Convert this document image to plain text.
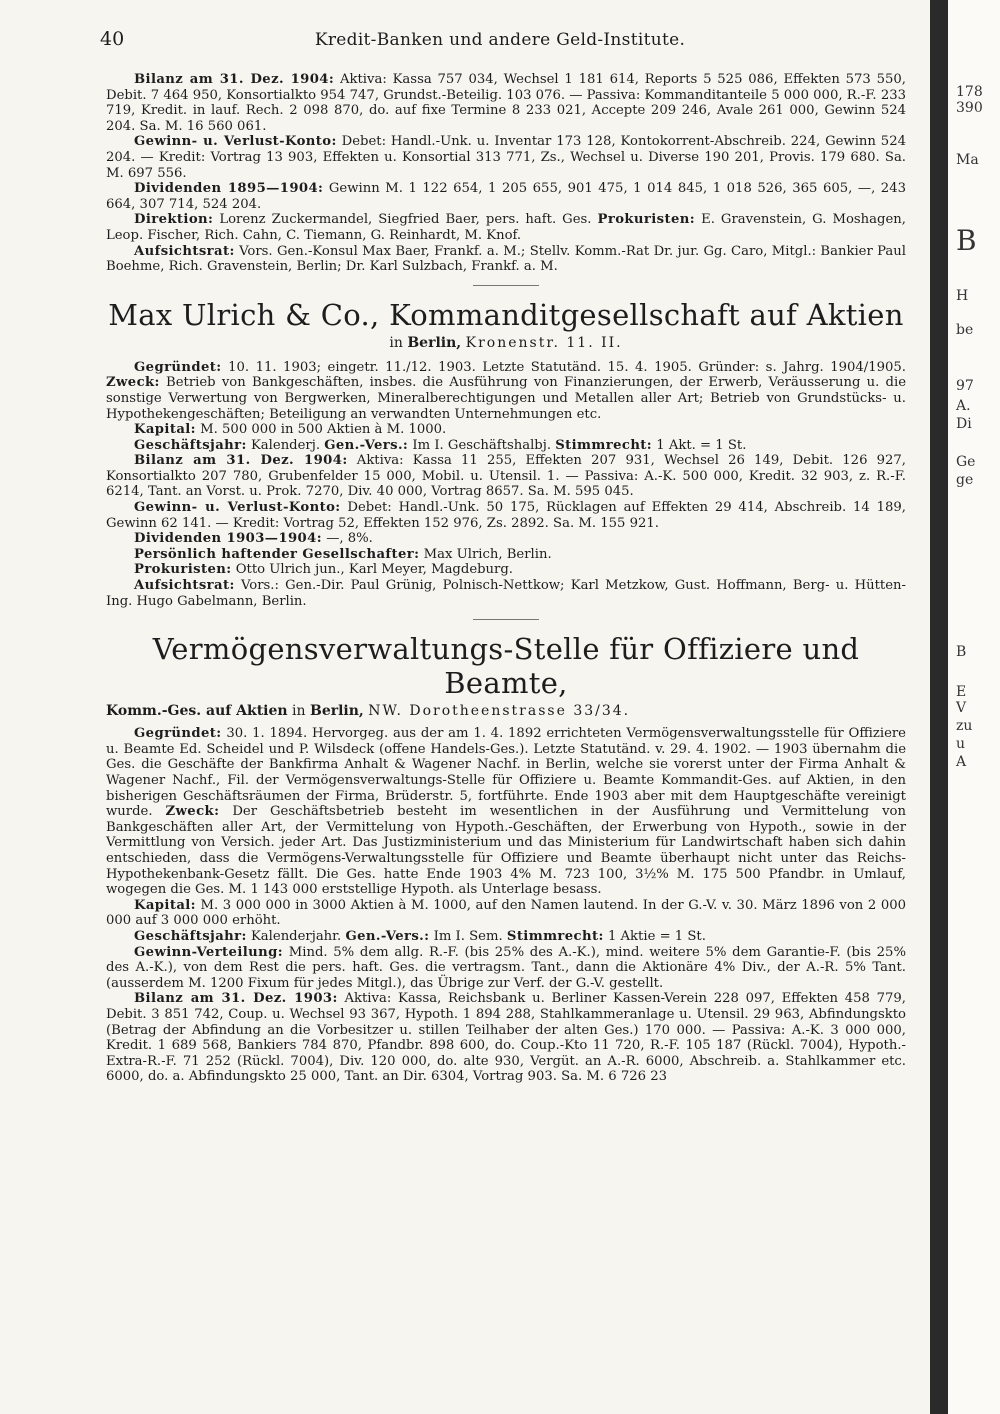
40	Kredit-Banken und andere Geld-Institute.

Bilanz am 31. Dez. 1904: Aktiva: Kassa 757 034, Wechsel 1 181 614, Reports 5 525 086, Effekten 573 550, Debit. 7 464 950, Konsortialkto 954 747, Grundst.-Beteilig. 103 076. — Passiva: Kommanditanteile 5 000 000, R.-F. 233 719, Kredit. in lauf. Rech. 2 098 870, do. auf fixe Termine 8 233 021, Accepte 209 246, Avale 261 000, Gewinn 524 204. Sa. M. 16 560 061.

Gewinn- u. Verlust-Konto: Debet: Handl.-Unk. u. Inventar 173 128, Kontokorrent-Abschreib. 224, Gewinn 524 204. — Kredit: Vortrag 13 903, Effekten u. Konsortial 313 771, Zs., Wechsel u. Diverse 190 201, Provis. 179 680. Sa. M. 697 556.

Dividenden 1895—1904: Gewinn M. 1 122 654, 1 205 655, 901 475, 1 014 845, 1 018 526, 365 605, —, 243 664, 307 714, 524 204.

Direktion: Lorenz Zuckermandel, Siegfried Baer, pers. haft. Ges. Prokuristen: E. Gravenstein, G. Moshagen, Leop. Fischer, Rich. Cahn, C. Tiemann, G. Reinhardt, M. Knof.

Aufsichtsrat: Vors. Gen.-Konsul Max Baer, Frankf. a. M.; Stellv. Komm.-Rat Dr. jur. Gg. Caro, Mitgl.: Bankier Paul Boehme, Rich. Gravenstein, Berlin; Dr. Karl Sulzbach, Frankf. a. M.

Max Ulrich & Co., Kommanditgesellschaft auf Aktien
in Berlin, Kronenstr. 11. II.

Gegründet: 10. 11. 1903; eingetr. 11./12. 1903. Letzte Statutänd. 15. 4. 1905. Gründer: s. Jahrg. 1904/1905. Zweck: Betrieb von Bankgeschäften, insbes. die Ausführung von Finanzierungen, der Erwerb, Veräusserung u. die sonstige Verwertung von Bergwerken, Mineralberechtigungen und Metallen aller Art; Betrieb von Grundstücks- u. Hypothekengeschäften; Beteiligung an verwandten Unternehmungen etc.

Kapital: M. 500 000 in 500 Aktien à M. 1000.

Geschäftsjahr: Kalenderj. Gen.-Vers.: Im I. Geschäftshalbj. Stimmrecht: 1 Akt. = 1 St.

Bilanz am 31. Dez. 1904: Aktiva: Kassa 11 255, Effekten 207 931, Wechsel 26 149, Debit. 126 927, Konsortialkto 207 780, Grubenfelder 15 000, Mobil. u. Utensil. 1. — Passiva: A.-K. 500 000, Kredit. 32 903, z. R.-F. 6214, Tant. an Vorst. u. Prok. 7270, Div. 40 000, Vortrag 8657. Sa. M. 595 045.

Gewinn- u. Verlust-Konto: Debet: Handl.-Unk. 50 175, Rücklagen auf Effekten 29 414, Abschreib. 14 189, Gewinn 62 141. — Kredit: Vortrag 52, Effekten 152 976, Zs. 2892. Sa. M. 155 921.

Dividenden 1903—1904: —, 8%.

Persönlich haftender Gesellschafter: Max Ulrich, Berlin.

Prokuristen: Otto Ulrich jun., Karl Meyer, Magdeburg.

Aufsichtsrat: Vors.: Gen.-Dir. Paul Grünig, Polnisch-Nettkow; Karl Metzkow, Gust. Hoffmann, Berg- u. Hütten-Ing. Hugo Gabelmann, Berlin.

Vermögensverwaltungs-Stelle für Offiziere und Beamte,
Komm.-Ges. auf Aktien in Berlin, NW. Dorotheenstrasse 33/34.

Gegründet: 30. 1. 1894. Hervorgeg. aus der am 1. 4. 1892 errichteten Vermögensverwaltungsstelle für Offiziere u. Beamte Ed. Scheidel und P. Wilsdeck (offene Handels-Ges.). Letzte Statutänd. v. 29. 4. 1902. — 1903 übernahm die Ges. die Geschäfte der Bankfirma Anhalt & Wagener Nachf. in Berlin, welche sie vorerst unter der Firma Anhalt & Wagener Nachf., Fil. der Vermögensverwaltungs-Stelle für Offiziere u. Beamte Kommandit-Ges. auf Aktien, in den bisherigen Geschäftsräumen der Firma, Brüderstr. 5, fortführte. Ende 1903 aber mit dem Hauptgeschäfte vereinigt wurde. Zweck: Der Geschäftsbetrieb besteht im wesentlichen in der Ausführung und Vermittelung von Bankgeschäften aller Art, der Vermittelung von Hypoth.-Geschäften, der Erwerbung von Hypoth., sowie in der Vermittlung von Versich. jeder Art. Das Justizministerium und das Ministerium für Landwirtschaft haben sich dahin entschieden, dass die Vermögens-Verwaltungsstelle für Offiziere und Beamte überhaupt nicht unter das Reichs-Hypothekenbank-Gesetz fällt. Die Ges. hatte Ende 1903 4% M. 723 100, 3½% M. 175 500 Pfandbr. in Umlauf, wogegen die Ges. M. 1 143 000 erststellige Hypoth. als Unterlage besass.

Kapital: M. 3 000 000 in 3000 Aktien à M. 1000, auf den Namen lautend. In der G.-V. v. 30. März 1896 von 2 000 000 auf 3 000 000 erhöht.

Geschäftsjahr: Kalenderjahr. Gen.-Vers.: Im I. Sem. Stimmrecht: 1 Aktie = 1 St.

Gewinn-Verteilung: Mind. 5% dem allg. R.-F. (bis 25% des A.-K.), mind. weitere 5% dem Garantie-F. (bis 25% des A.-K.), von dem Rest die pers. haft. Ges. die vertragsm. Tant., dann die Aktionäre 4% Div., der A.-R. 5% Tant. (ausserdem M. 1200 Fixum für jedes Mitgl.), das Übrige zur Verf. der G.-V. gestellt.

Bilanz am 31. Dez. 1903: Aktiva: Kassa, Reichsbank u. Berliner Kassen-Verein 228 097, Effekten 458 779, Debit. 3 851 742, Coup. u. Wechsel 93 367, Hypoth. 1 894 288, Stahlkammeranlage u. Utensil. 29 963, Abfindungskto (Betrag der Abfindung an die Vorbesitzer u. stillen Teilhaber der alten Ges.) 170 000. — Passiva: A.-K. 3 000 000, Kredit. 1 689 568, Bankiers 784 870, Pfandbr. 898 600, do. Coup.-Kto 11 720, R.-F. 105 187 (Rückl. 7004), Hypoth.-Extra-R.-F. 71 252 (Rückl. 7004), Div. 120 000, do. alte 930, Vergüt. an A.-R. 6000, Abschreib. a. Stahlkammer etc. 6000, do. a. Abfindungskto 25 000, Tant. an Dir. 6304, Vortrag 903. Sa. M. 6 726 23

178
390
Ma
B
H
be
97
A.
Di
Ge
ge
B
E
V
zu
u
A
